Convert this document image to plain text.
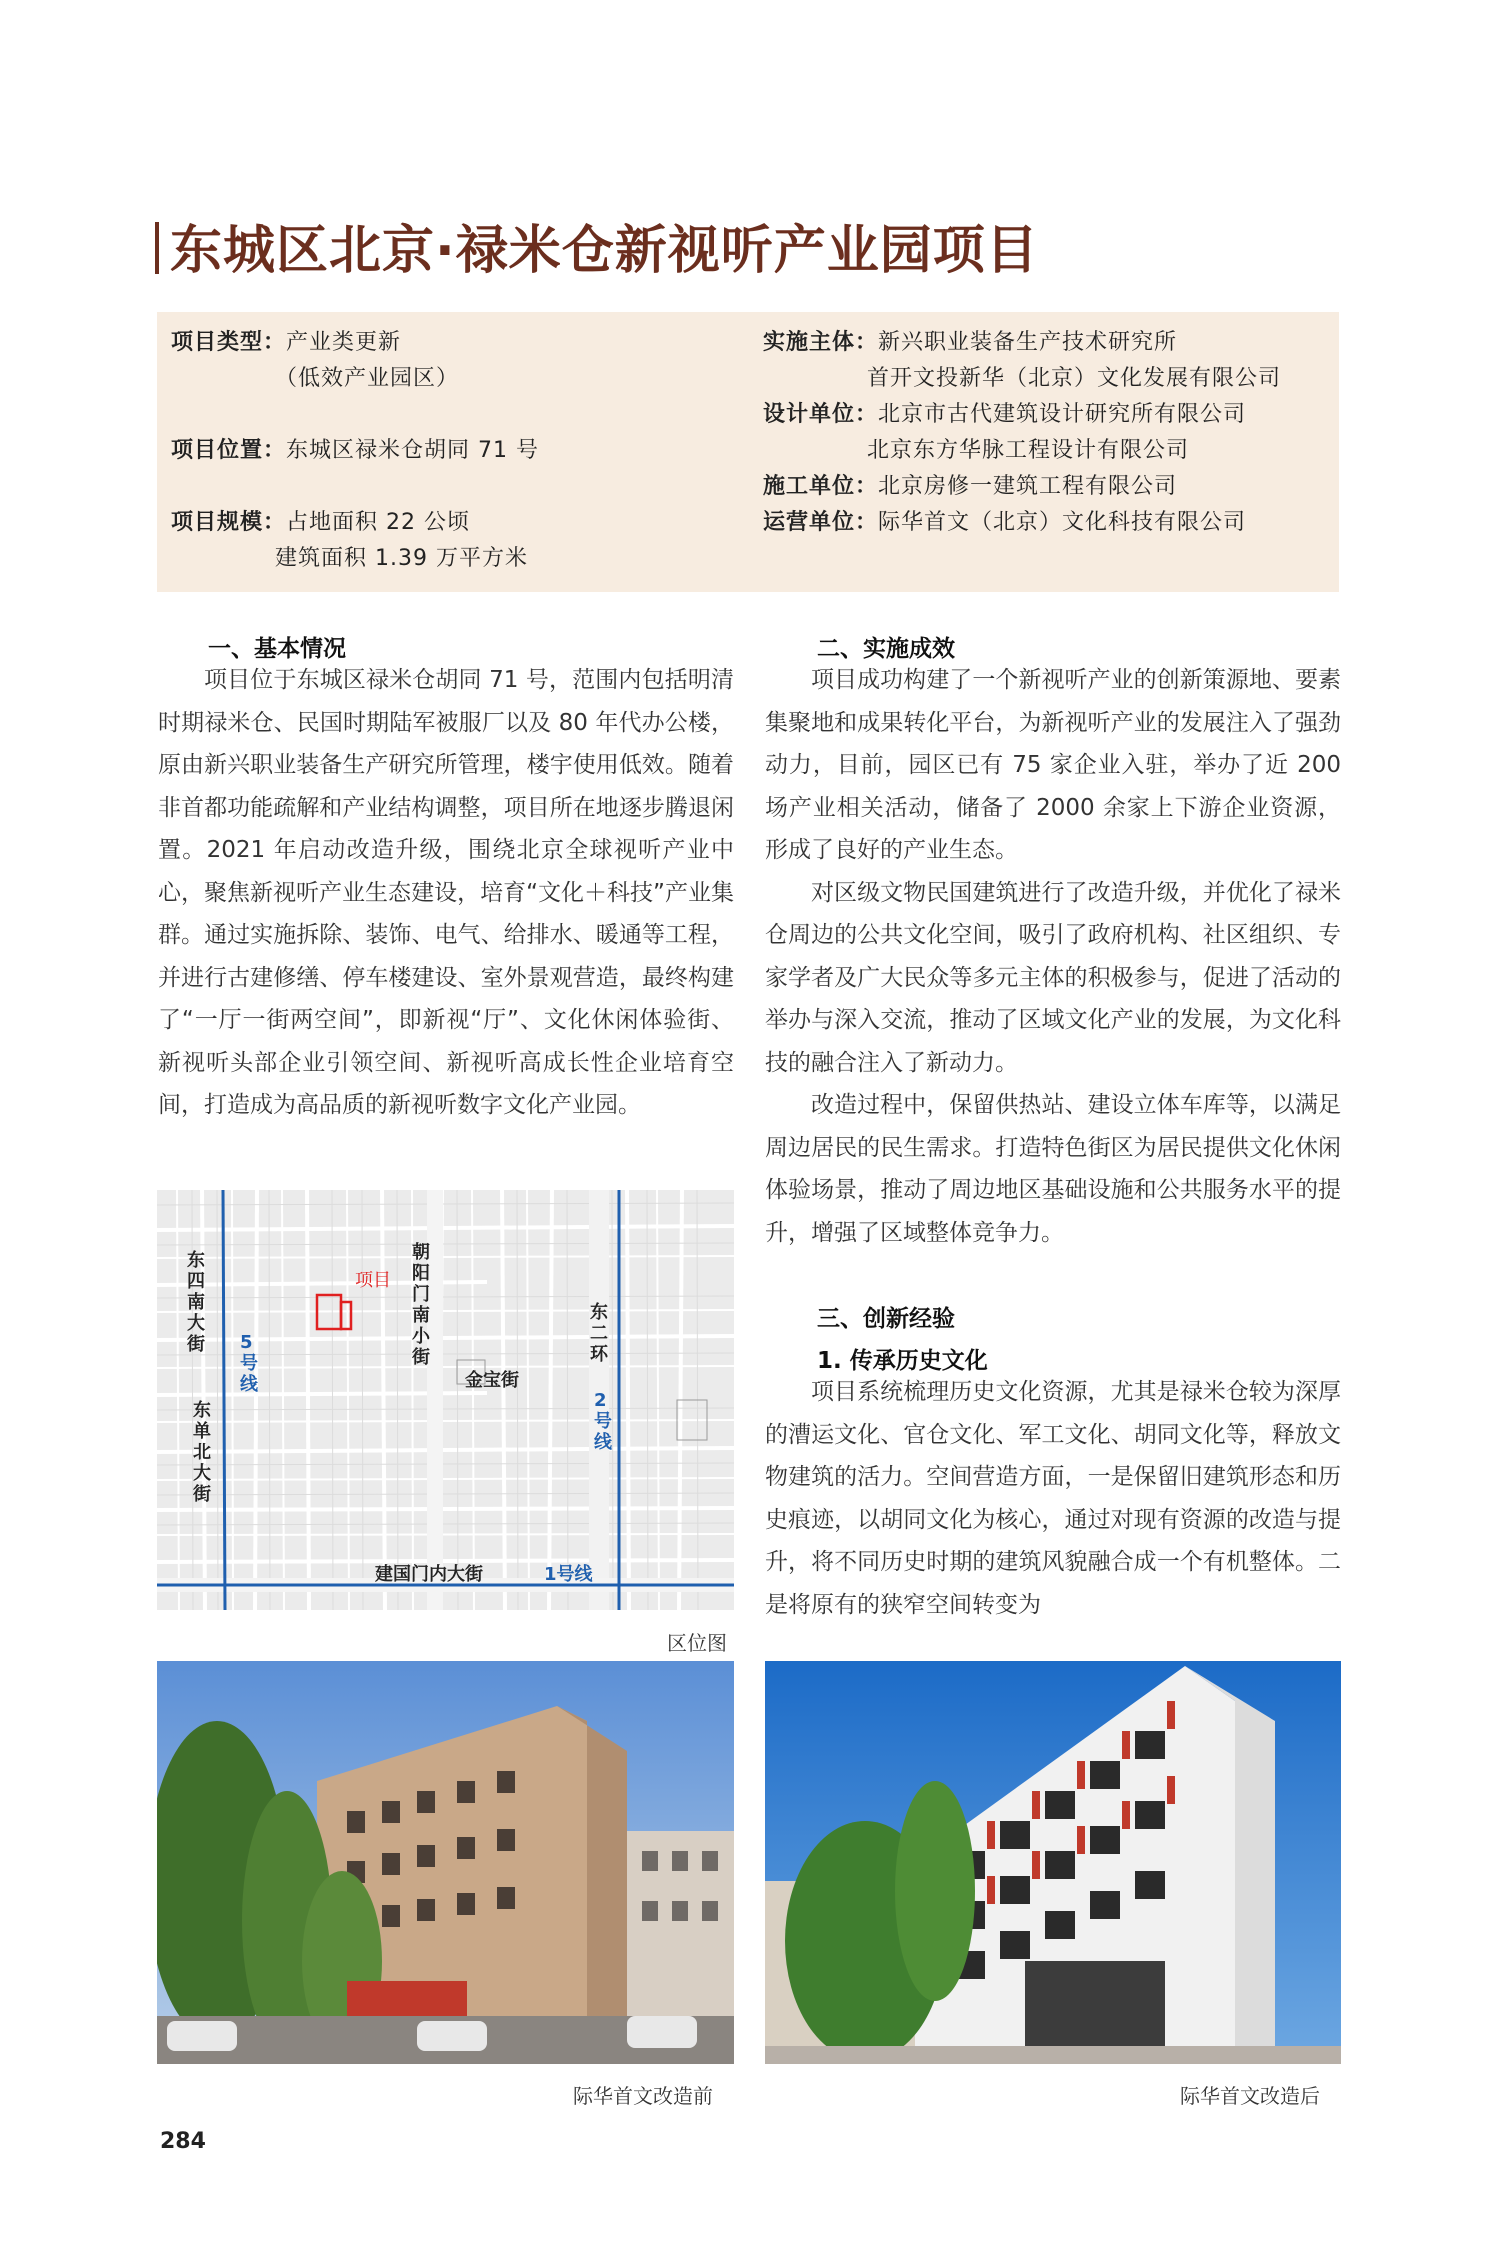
东城区北京·禄米仓新视听产业园项目
项目类型：产业类更新
（低效产业园区）
项目位置：东城区禄米仓胡同 71 号
项目规模：占地面积 22 公顷
建筑面积 1.39 万平方米
实施主体：新兴职业装备生产技术研究所
首开文投新华（北京）文化发展有限公司
设计单位：北京市古代建筑设计研究所有限公司
北京东方华脉工程设计有限公司
施工单位：北京房修一建筑工程有限公司
运营单位：际华首文（北京）文化科技有限公司
一、基本情况

项目位于东城区禄米仓胡同 71 号，范围内包括明清时期禄米仓、民国时期陆军被服厂以及 80 年代办公楼，原由新兴职业装备生产研究所管理，楼宇使用低效。随着非首都功能疏解和产业结构调整，项目所在地逐步腾退闲置。2021 年启动改造升级，围绕北京全球视听产业中心，聚焦新视听产业生态建设，培育“文化＋科技”产业集群。通过实施拆除、装饰、电气、给排水、暖通等工程，并进行古建修缮、停车楼建设、室外景观营造，最终构建了“一厅一街两空间”，即新视“厅”、文化休闲体验街、新视听头部企业引领空间、新视听高成长性企业培育空间，打造成为高品质的新视听数字文化产业园。

项目
朝阳门南小街
东四南大街 5号线
东单北大街
金宝街
东二环
2号线
建国门内大街	1号线
区位图
二、实施成效

项目成功构建了一个新视听产业的创新策源地、要素集聚地和成果转化平台，为新视听产业的发展注入了强劲动力，目前，园区已有 75 家企业入驻，举办了近 200 场产业相关活动，储备了 2000 余家上下游企业资源，形成了良好的产业生态。

对区级文物民国建筑进行了改造升级，并优化了禄米仓周边的公共文化空间，吸引了政府机构、社区组织、专家学者及广大民众等多元主体的积极参与，促进了活动的举办与深入交流，推动了区域文化产业的发展，为文化科技的融合注入了新动力。

改造过程中，保留供热站、建设立体车库等，以满足周边居民的民生需求。打造特色街区为居民提供文化休闲体验场景，推动了周边地区基础设施和公共服务水平的提升，增强了区域整体竞争力。

三、创新经验
1. 传承历史文化

项目系统梳理历史文化资源，尤其是禄米仓较为深厚的漕运文化、官仓文化、军工文化、胡同文化等，释放文物建筑的活力。空间营造方面，一是保留旧建筑形态和历史痕迹，以胡同文化为核心，通过对现有资源的改造与提升，将不同历史时期的建筑风貌融合成一个有机整体。二是将原有的狭窄空间转变为

际华首文改造前	际华首文改造后
284
